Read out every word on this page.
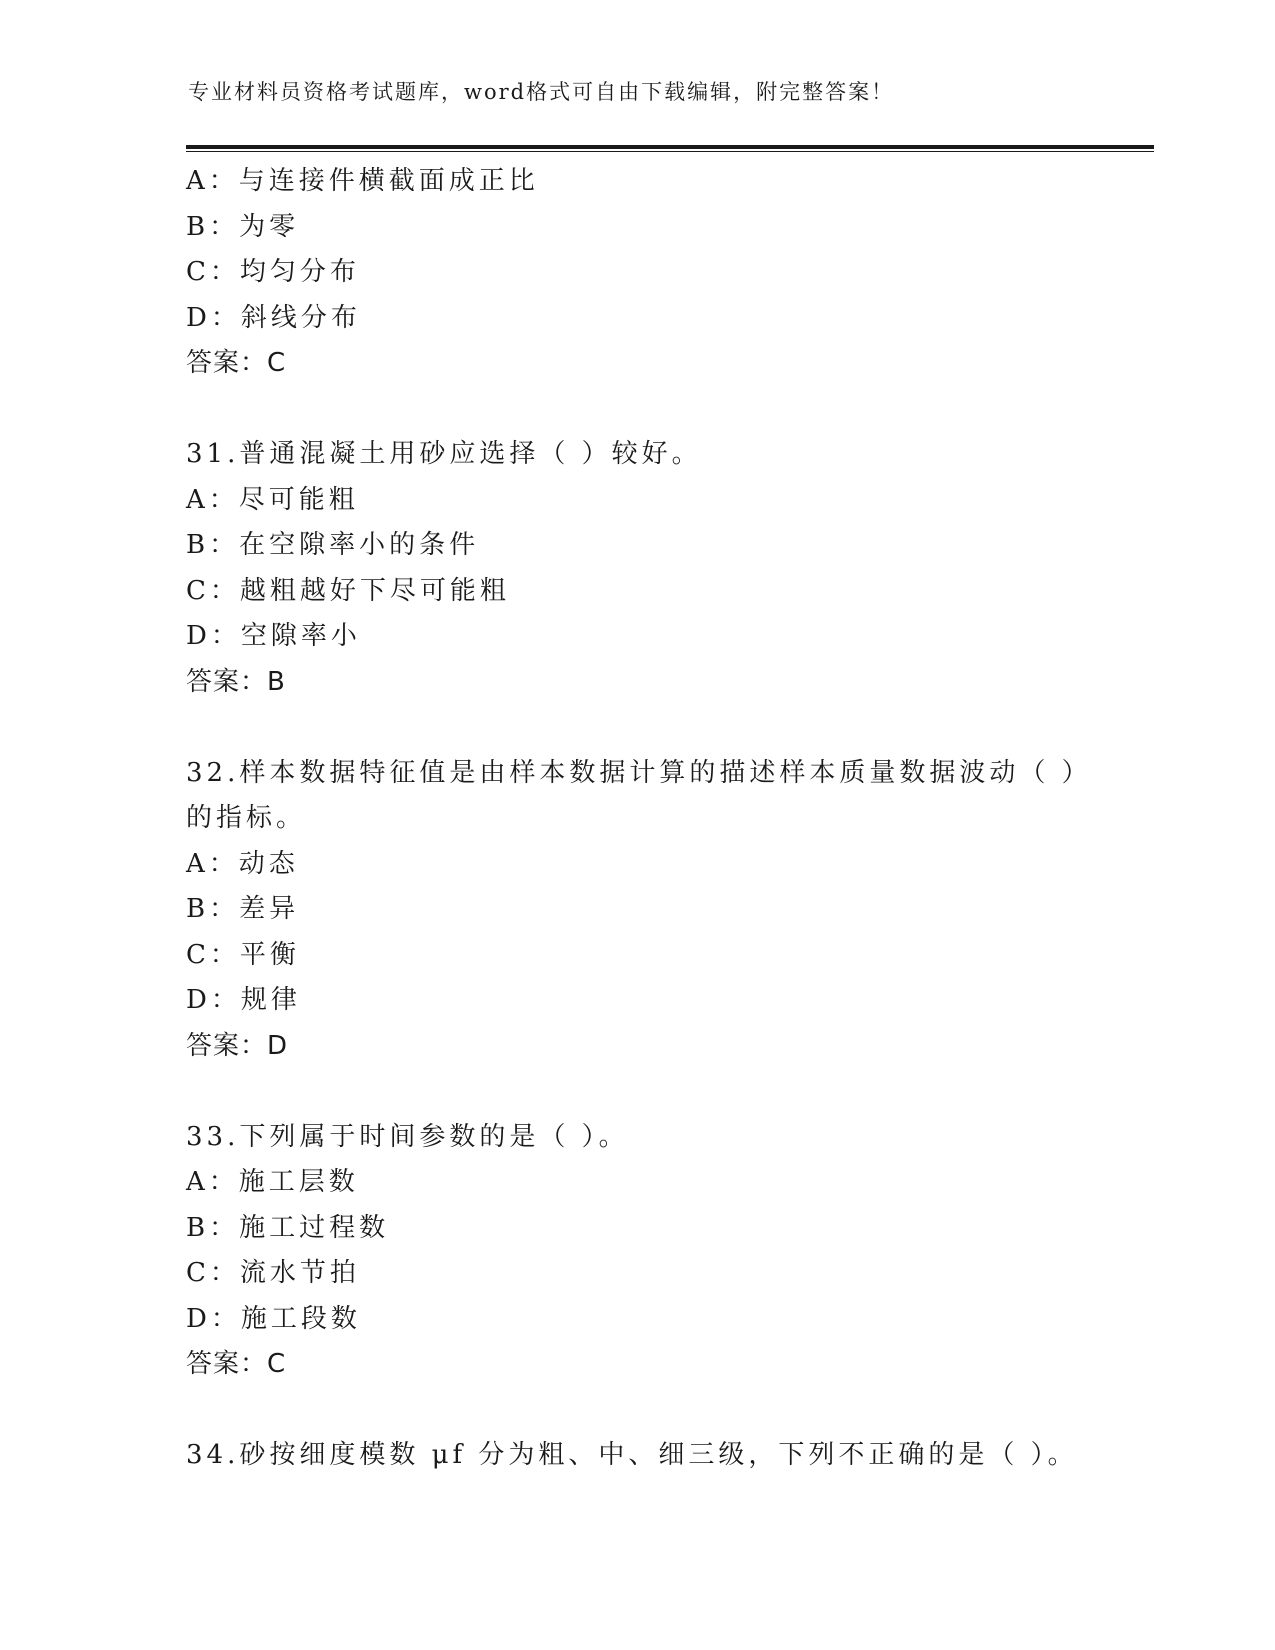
专业材料员资格考试题库，word格式可自由下载编辑，附完整答案！
A：与连接件横截面成正比
B：为零
C：均匀分布
D：斜线分布
答案：C
31.普通混凝土用砂应选择（ ）较好。
A：尽可能粗
B：在空隙率小的条件
C：越粗越好下尽可能粗
D：空隙率小
答案：B
32.样本数据特征值是由样本数据计算的描述样本质量数据波动（ ）
的指标。
A：动态
B：差异
C：平衡
D：规律
答案：D
33.下列属于时间参数的是（ ）。
A：施工层数
B：施工过程数
C：流水节拍
D：施工段数
答案：C
34.砂按细度模数 μf 分为粗、中、细三级，下列不正确的是（ ）。
